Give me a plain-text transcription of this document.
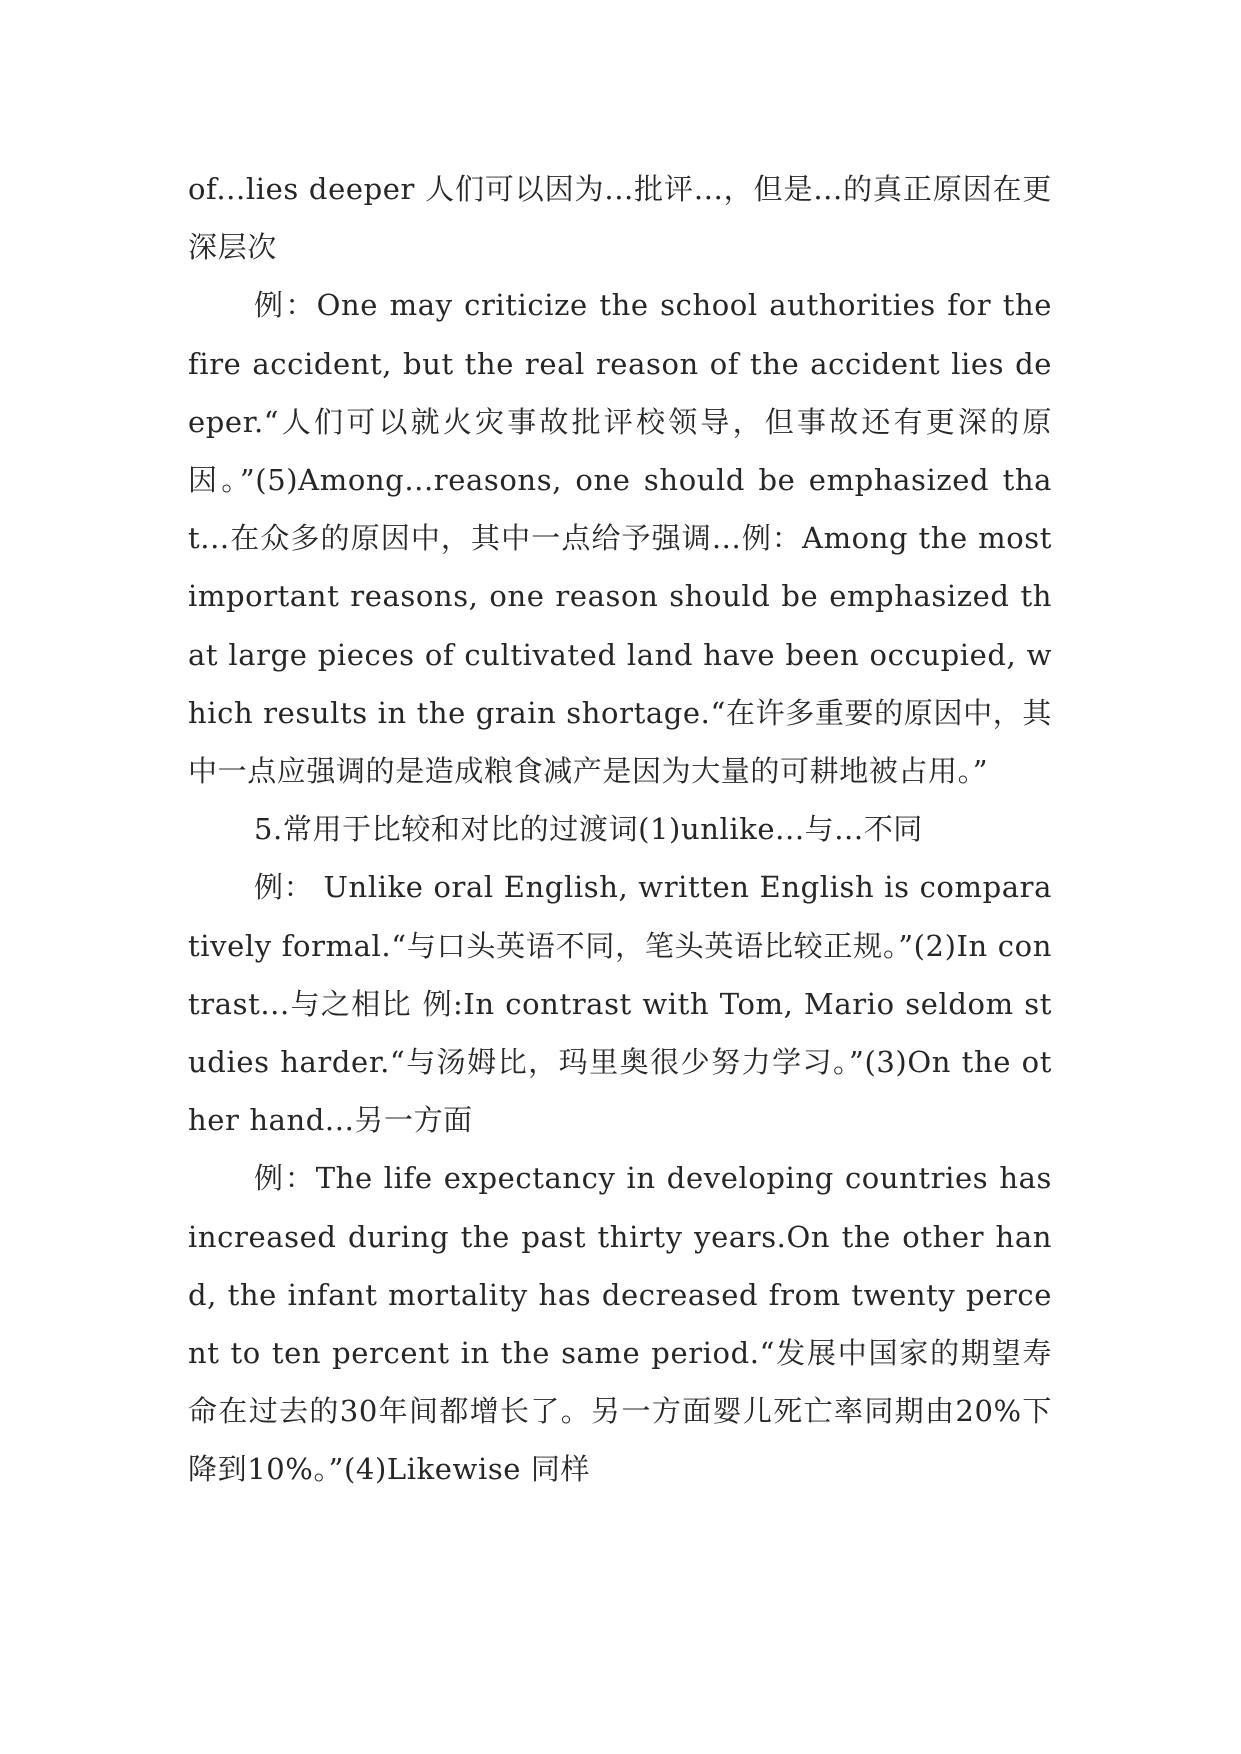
of...lies deeper 人们可以因为...批评...，但是...的真正原因在更深层次

例：One may criticize the school authorities for the fire accident, but the real reason of the accident lies deeper.“人们可以就火灾事故批评校领导，但事故还有更深的原因。”(5)Among...reasons, one should be emphasized that...在众多的原因中，其中一点给予强调...例：Among the most important reasons, one reason should be emphasized that large pieces of cultivated land have been occupied, which results in the grain shortage.“在许多重要的原因中，其中一点应强调的是造成粮食减产是因为大量的可耕地被占用。”

5.常用于比较和对比的过渡词(1)unlike...与...不同

例： Unlike oral English, written English is comparatively formal.“与口头英语不同，笔头英语比较正规。”(2)In contrast...与之相比 例:In contrast with Tom, Mario seldom studies harder.“与汤姆比，玛里奥很少努力学习。”(3)On the other hand...另一方面

例：The life expectancy in developing countries has increased during the past thirty years.On the other hand, the infant mortality has decreased from twenty percent to ten percent in the same period.“发展中国家的期望寿命在过去的30年间都增长了。另一方面婴儿死亡率同期由20%下降到10%。”(4)Likewise 同样
